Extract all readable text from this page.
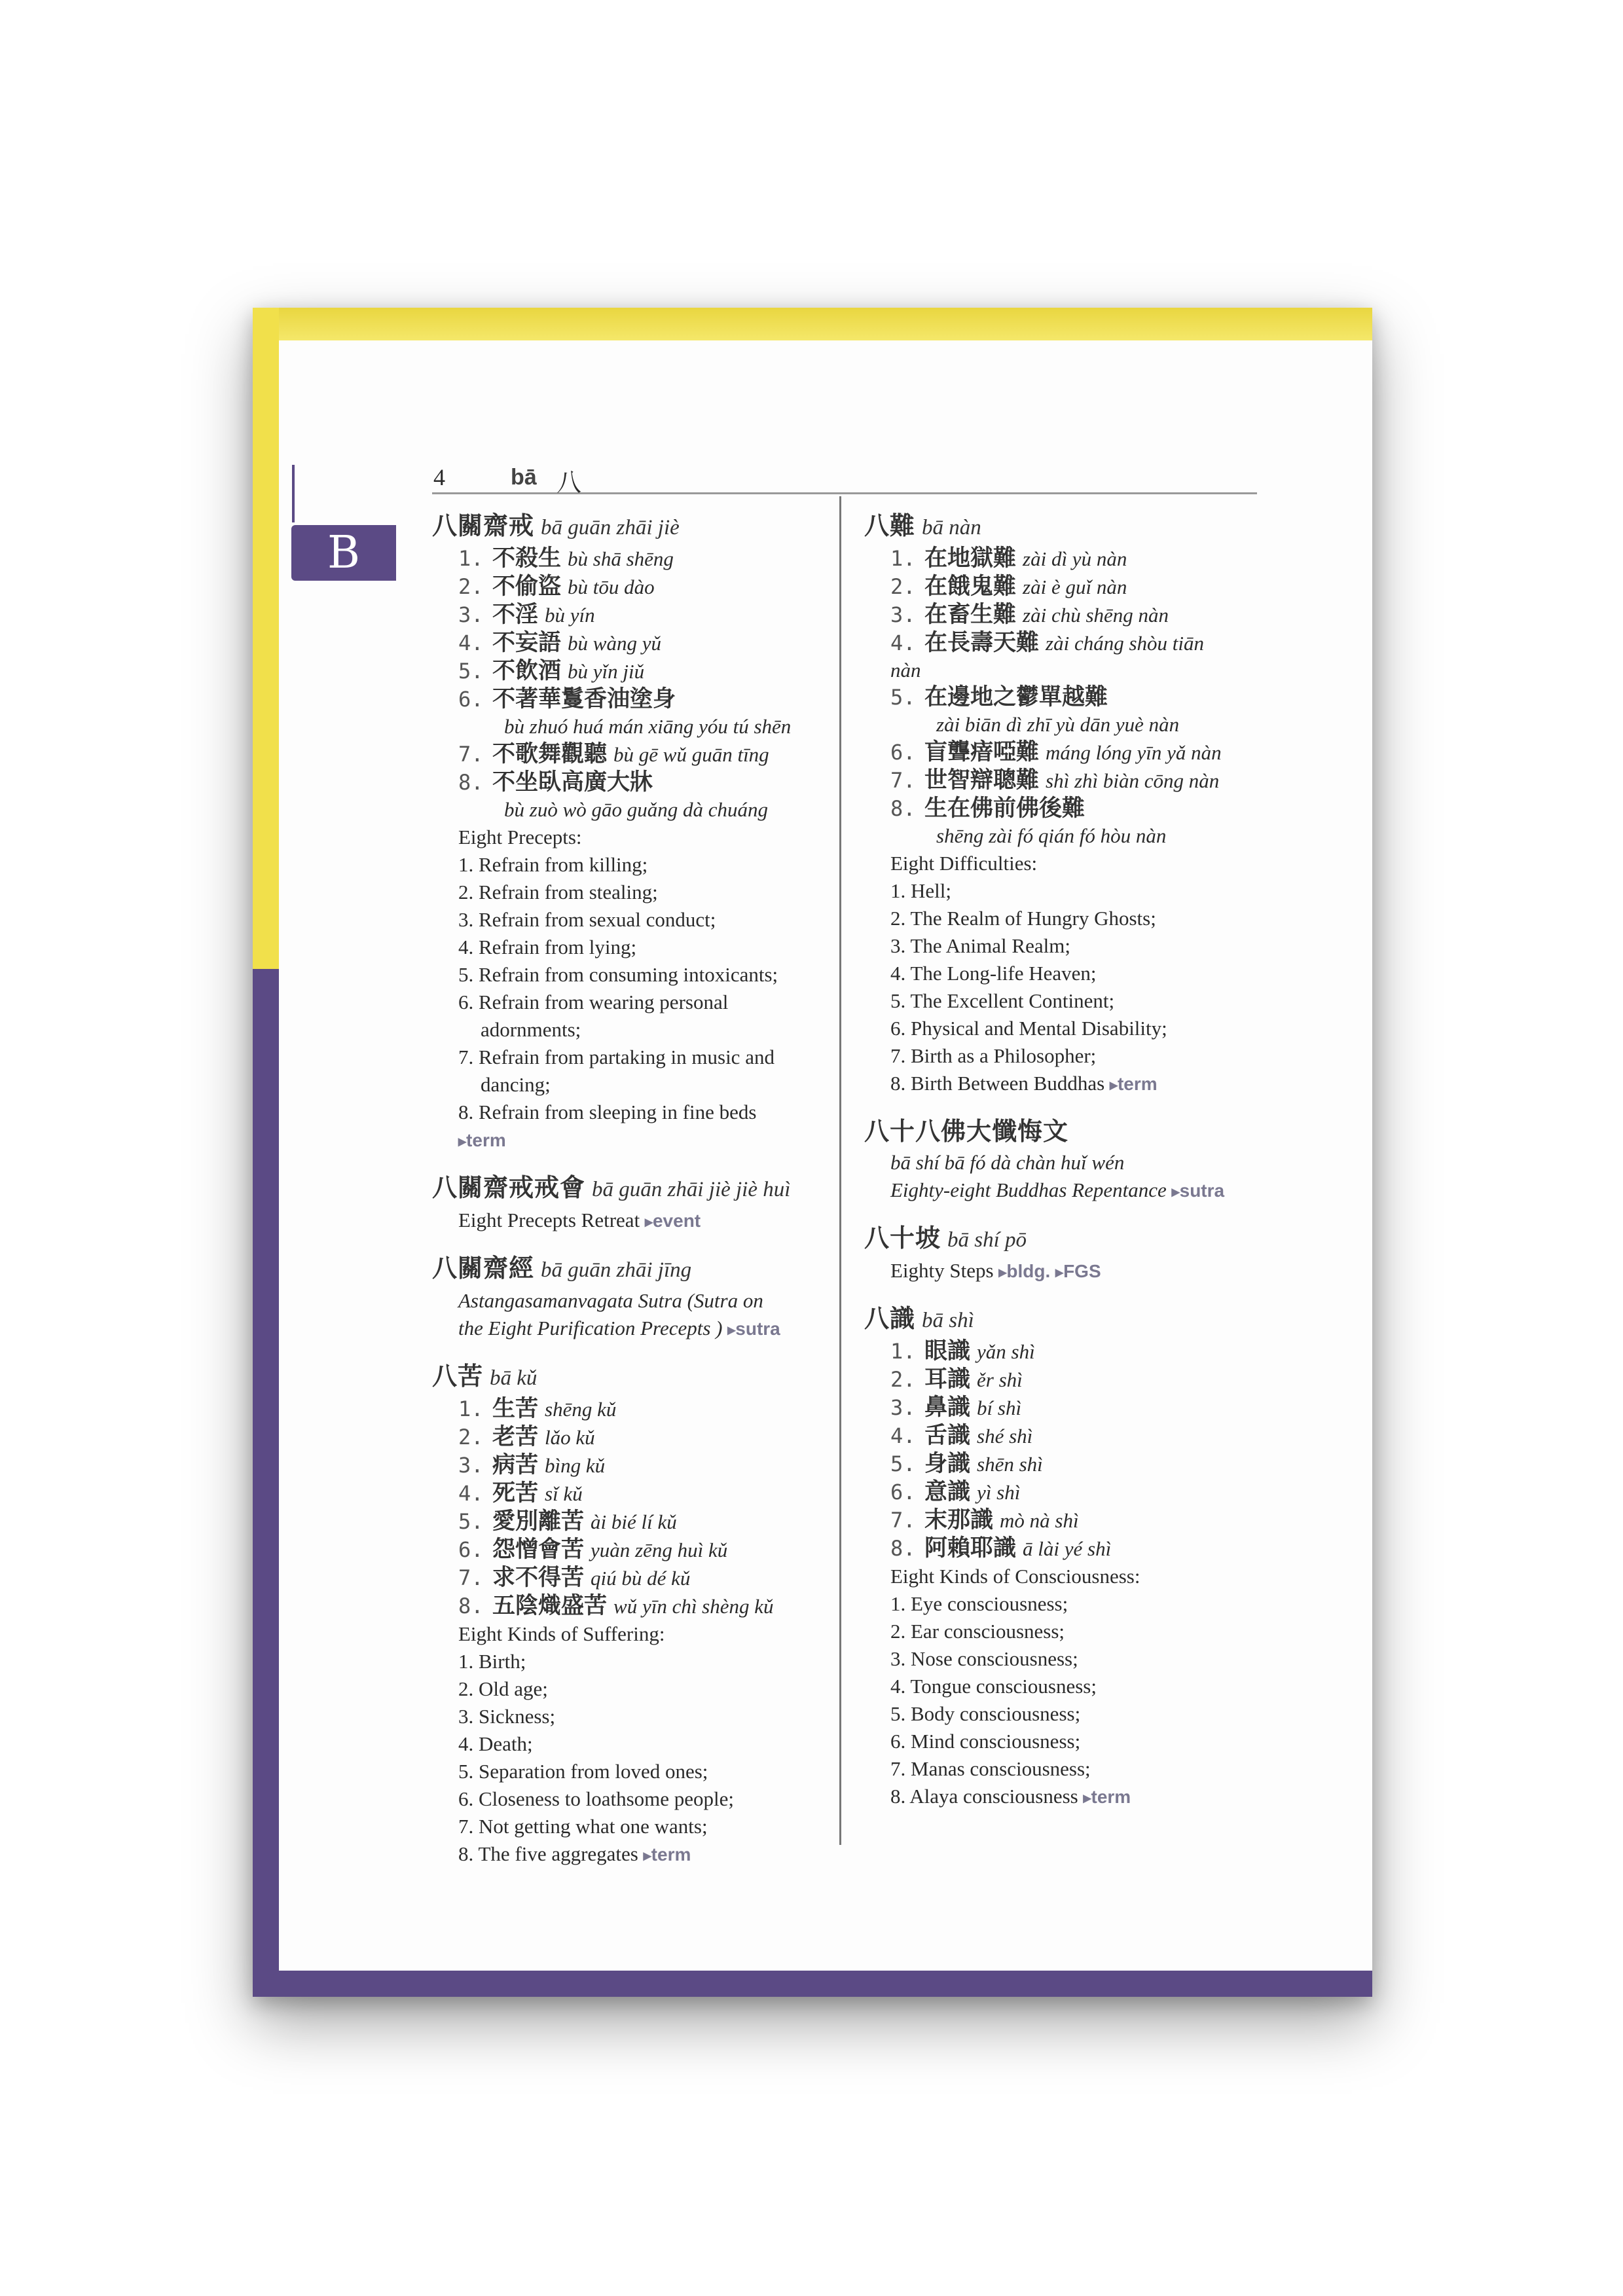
B
4	bā 八
八關齋戒 bā guān zhāi jiè
1. 不殺生 bù shā shēng
2. 不偷盜 bù tōu dào
3. 不淫 bù yín
4. 不妄語 bù wàng yǔ
5. 不飲酒 bù yǐn jiǔ
6. 不著華鬘香油塗身
bù zhuó huá mán xiāng yóu tú shēn
7. 不歌舞觀聽 bù gē wǔ guān tīng
8. 不坐臥高廣大牀
bù zuò wò gāo guǎng dà chuáng
Eight Precepts:
1. Refrain from killing;
2. Refrain from stealing;
3. Refrain from sexual conduct;
4. Refrain from lying;
5. Refrain from consuming intoxicants;
6. Refrain from wearing personal
adornments;
7. Refrain from partaking in music and
dancing;
8. Refrain from sleeping in fine beds
▸ term
八關齋戒戒會 bā guān zhāi jiè jiè huì
Eight Precepts Retreat ▸ event
八關齋經 bā guān zhāi jīng
Astangasamanvagata Sutra (Sutra on
the Eight Purification Precepts ) ▸ sutra
八苦 bā kǔ
1. 生苦 shēng kǔ
2. 老苦 lǎo kǔ
3. 病苦 bìng kǔ
4. 死苦 sǐ kǔ
5. 愛別離苦 ài bié lí kǔ
6. 怨憎會苦 yuàn zēng huì kǔ
7. 求不得苦 qiú bù dé kǔ
8. 五陰熾盛苦 wǔ yīn chì shèng kǔ
Eight Kinds of Suffering:
1. Birth;
2. Old age;
3. Sickness;
4. Death;
5. Separation from loved ones;
6. Closeness to loathsome people;
7. Not getting what one wants;
8. The five aggregates ▸ term
八難 bā nàn
1. 在地獄難 zài dì yù nàn
2. 在餓鬼難 zài è guǐ nàn
3. 在畜生難 zài chù shēng nàn
4. 在長壽天難 zài cháng shòu tiān
nàn
5. 在邊地之鬱單越難
zài biān dì zhī yù dān yuè nàn
6. 盲聾瘖啞難 máng lóng yīn yǎ nàn
7. 世智辯聰難 shì zhì biàn cōng nàn
8. 生在佛前佛後難
shēng zài fó qián fó hòu nàn
Eight Difficulties:
1. Hell;
2. The Realm of Hungry Ghosts;
3. The Animal Realm;
4. The Long-life Heaven;
5. The Excellent Continent;
6. Physical and Mental Disability;
7. Birth as a Philosopher;
8. Birth Between Buddhas ▸ term
八十八佛大懺悔文
bā shí bā fó dà chàn huǐ wén
Eighty-eight Buddhas Repentance ▸ sutra
八十坡 bā shí pō
Eighty Steps ▸ bldg. ▸ FGS
八識 bā shì
1. 眼識 yǎn shì
2. 耳識 ěr shì
3. 鼻識 bí shì
4. 舌識 shé shì
5. 身識 shēn shì
6. 意識 yì shì
7. 末那識 mò nà shì
8. 阿賴耶識 ā lài yé shì
Eight Kinds of Consciousness:
1. Eye consciousness;
2. Ear consciousness;
3. Nose consciousness;
4. Tongue consciousness;
5. Body consciousness;
6. Mind consciousness;
7. Manas consciousness;
8. Alaya consciousness ▸ term
